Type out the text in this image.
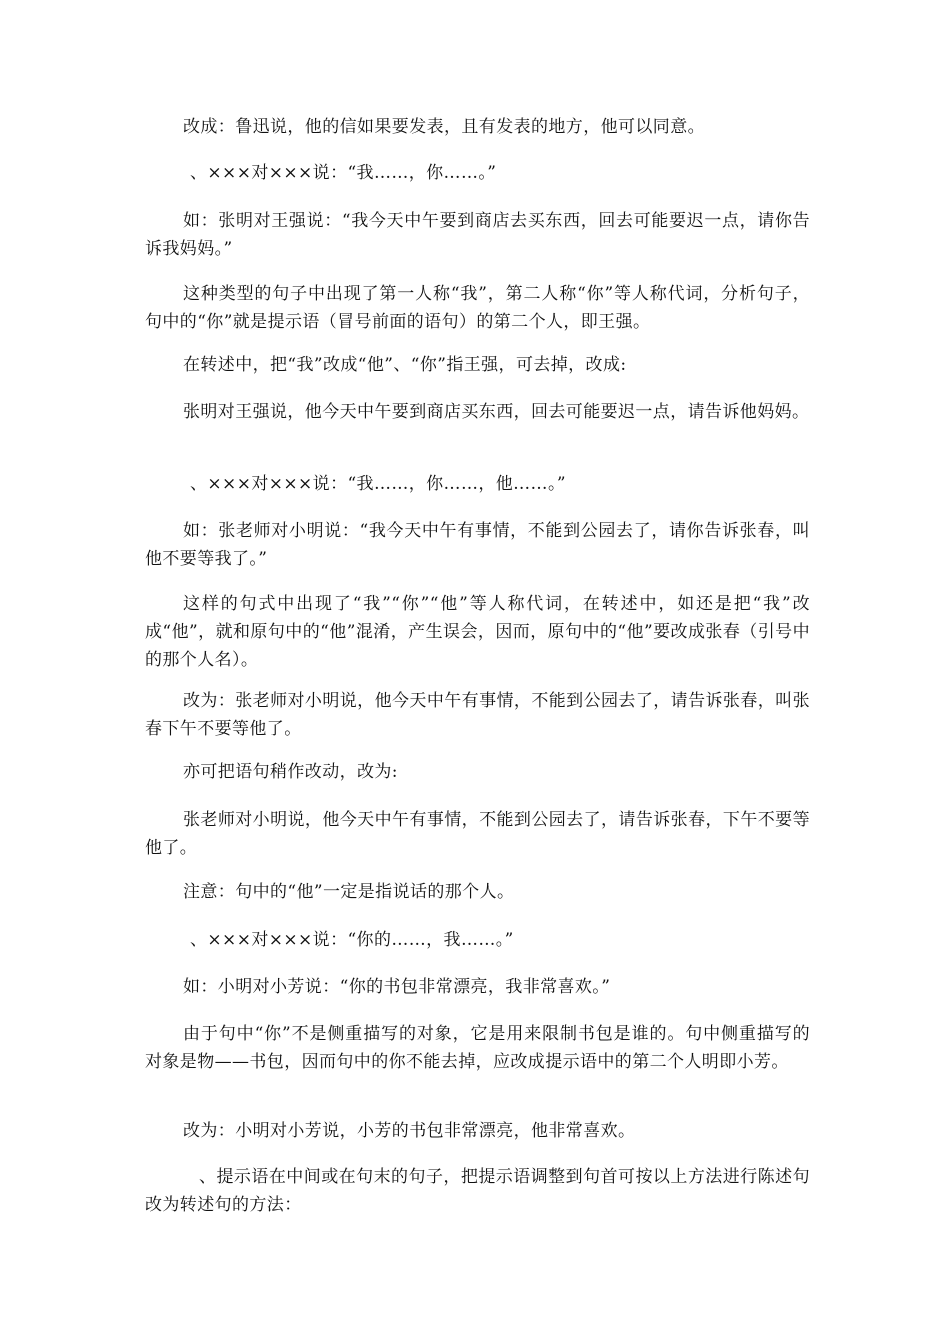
改成：鲁迅说，他的信如果要发表，且有发表的地方，他可以同意。

、×××对×××说：“我……，你……。”

如：张明对王强说：“我今天中午要到商店去买东西，回去可能要迟一点，请你告诉我妈妈。”

这种类型的句子中出现了第一人称“我”，第二人称“你”等人称代词，分析句子，句中的“你”就是提示语（冒号前面的语句）的第二个人，即王强。

在转述中，把“我”改成“他”、“你”指王强，可去掉，改成:

张明对王强说，他今天中午要到商店买东西，回去可能要迟一点，请告诉他妈妈。

、×××对×××说：“我……，你……，他……。”

如：张老师对小明说：“我今天中午有事情，不能到公园去了，请你告诉张春，叫他不要等我了。”

这样的句式中出现了“我”“你”“他”等人称代词，在转述中，如还是把“我”改成“他”，就和原句中的“他”混淆，产生误会，因而，原句中的“他”要改成张春（引号中的那个人名）。

改为：张老师对小明说，他今天中午有事情，不能到公园去了，请告诉张春，叫张春下午不要等他了。

亦可把语句稍作改动，改为:

张老师对小明说，他今天中午有事情，不能到公园去了，请告诉张春，下午不要等他了。

注意：句中的“他”一定是指说话的那个人。

、×××对×××说：“你的……，我……。”

如：小明对小芳说：“你的书包非常漂亮，我非常喜欢。”

由于句中“你”不是侧重描写的对象，它是用来限制书包是谁的。句中侧重描写的对象是物——书包，因而句中的你不能去掉，应改成提示语中的第二个人明即小芳。

改为：小明对小芳说，小芳的书包非常漂亮，他非常喜欢。

、提示语在中间或在句末的句子，把提示语调整到句首可按以上方法进行陈述句改为转述句的方法：
